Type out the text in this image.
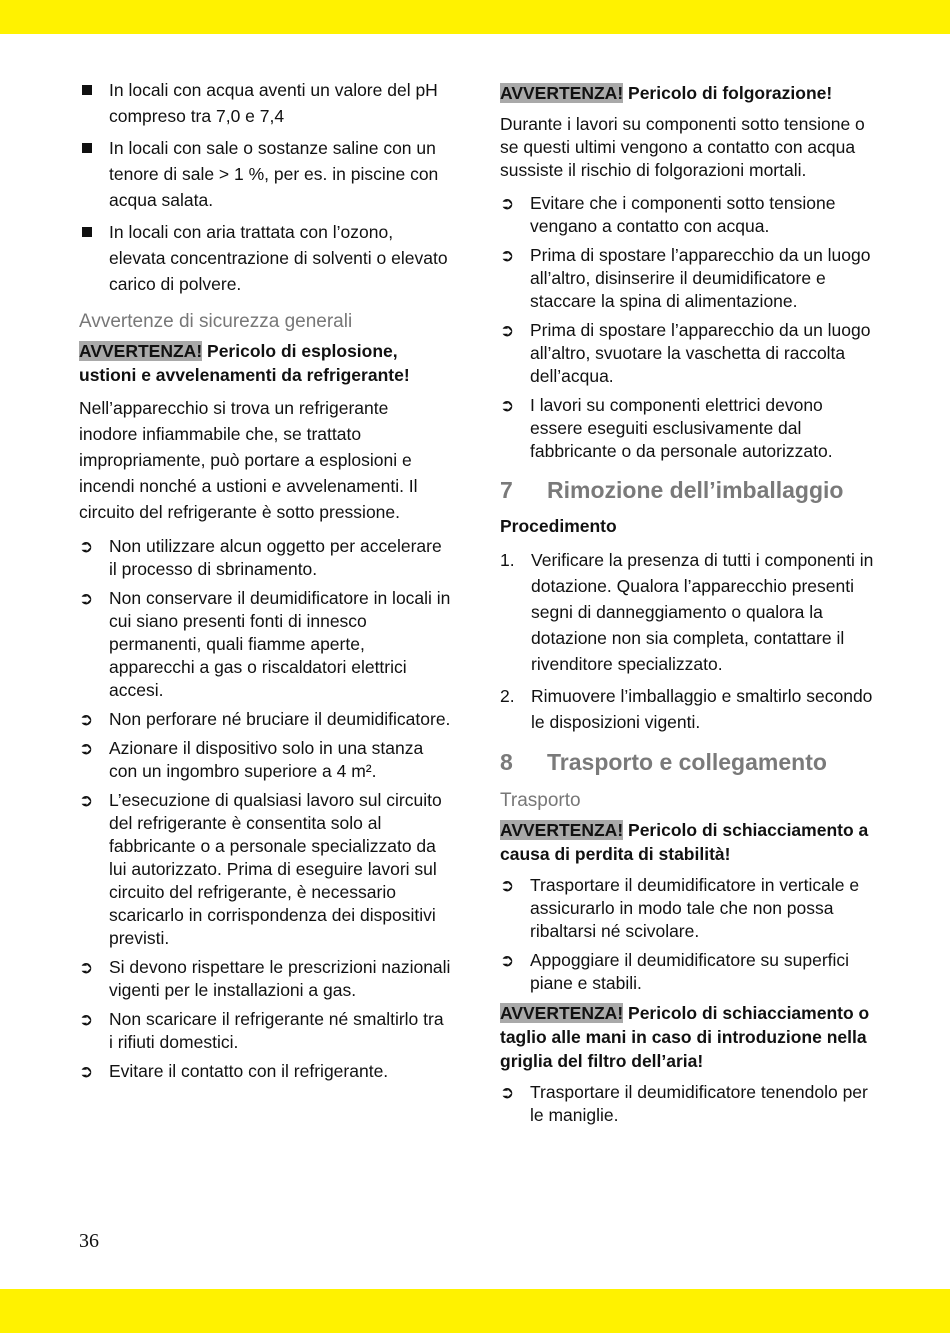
In locali con acqua aventi un valore del pH compreso tra 7,0 e 7,4
In locali con sale o sostanze saline con un tenore di sale > 1 %, per es. in piscine con acqua salata.
In locali con aria trattata con l’ozono, elevata concentrazione di solventi o elevato carico di polvere.
Avvertenze di sicurezza generali
AVVERTENZA! Pericolo di esplosione, ustioni e avvelenamenti da refrigerante!

Nell’apparecchio si trova un refrigerante inodore infiammabile che, se trattato impropriamente, può portare a esplosioni e incendi nonché a ustioni e avvelenamenti. Il circuito del refrigerante è sotto pressione.

➲ Non utilizzare alcun oggetto per accelerare il processo di sbrinamento.
➲ Non conservare il deumidificatore in locali in cui siano presenti fonti di innesco permanenti, quali fiamme aperte, apparecchi a gas o riscaldatori elettrici accesi.
➲ Non perforare né bruciare il deumidificatore.
➲ Azionare il dispositivo solo in una stanza con un ingombro superiore a 4 m².
➲ L’esecuzione di qualsiasi lavoro sul circuito del refrigerante è consentita solo al fabbricante o a personale specializzato da lui autorizzato. Prima di eseguire lavori sul circuito del refrigerante, è necessario scaricarlo in corrispondenza dei dispositivi previsti.
➲ Si devono rispettare le prescrizioni nazionali vigenti per le installazioni a gas.
➲ Non scaricare il refrigerante né smaltirlo tra i rifiuti domestici.
➲ Evitare il contatto con il refrigerante.
AVVERTENZA! Pericolo di folgorazione!

Durante i lavori su componenti sotto tensione o se questi ultimi vengono a contatto con acqua sussiste il rischio di folgorazioni mortali.

➲ Evitare che i componenti sotto tensione vengano a contatto con acqua.
➲ Prima di spostare l’apparecchio da un luogo all’altro, disinserire il deumidificatore e staccare la spina di alimentazione.
➲ Prima di spostare l’apparecchio da un luogo all’altro, svuotare la vaschetta di raccolta dell’acqua.
➲ I lavori su componenti elettrici devono essere eseguiti esclusivamente dal fabbricante o da personale autorizzato.
7	Rimozione dell’imballaggio
Procedimento
1. Verificare la presenza di tutti i componenti in dotazione. Qualora l’apparecchio presenti segni di danneggiamento o qualora la dotazione non sia completa, contattare il rivenditore specializzato.
2. Rimuovere l’imballaggio e smaltirlo secondo le disposizioni vigenti.
8	Trasporto e collegamento
Trasporto
AVVERTENZA! Pericolo di schiacciamento a causa di perdita di stabilità!
➲ Trasportare il deumidificatore in verticale e assicurarlo in modo tale che non possa ribaltarsi né scivolare.
➲ Appoggiare il deumidificatore su superfici piane e stabili.
AVVERTENZA! Pericolo di schiacciamento o taglio alle mani in caso di introduzione nella griglia del filtro dell’aria!
➲ Trasportare il deumidificatore tenendolo per le maniglie.
36
